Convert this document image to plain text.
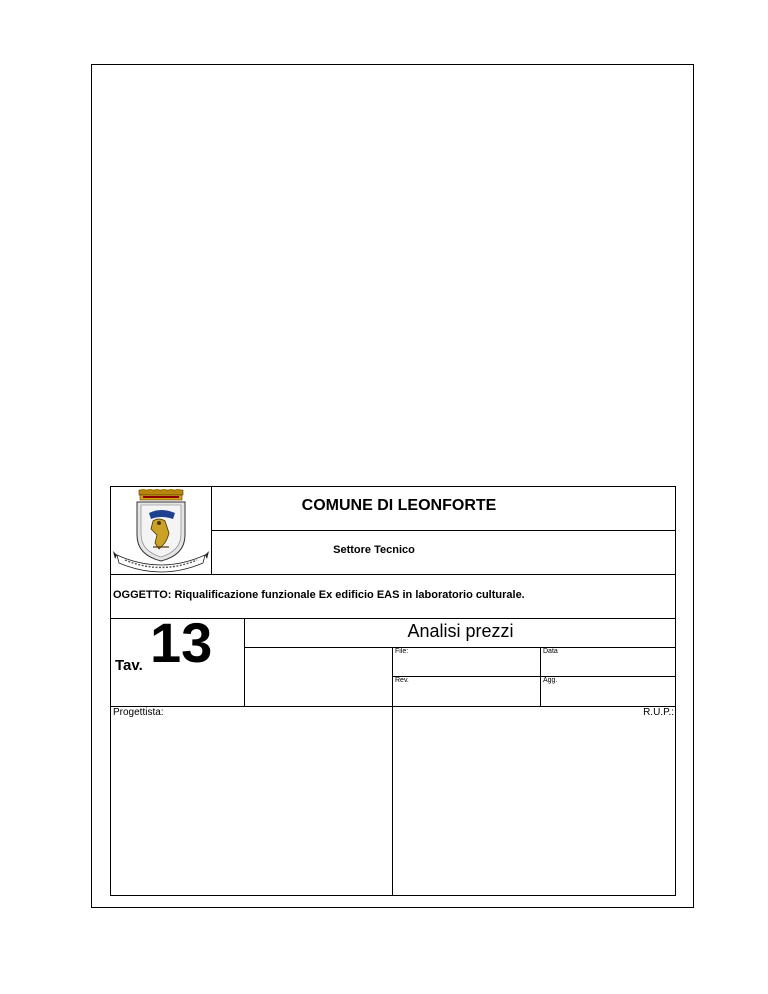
COMUNE DI LEONFORTE
Settore Tecnico
OGGETTO: Riqualificazione funzionale Ex edificio EAS in laboratorio culturale.
Tav. 13	Analisi prezzi
File:	Data
Rev.	Agg.
Progettista:	R.U.P.:
